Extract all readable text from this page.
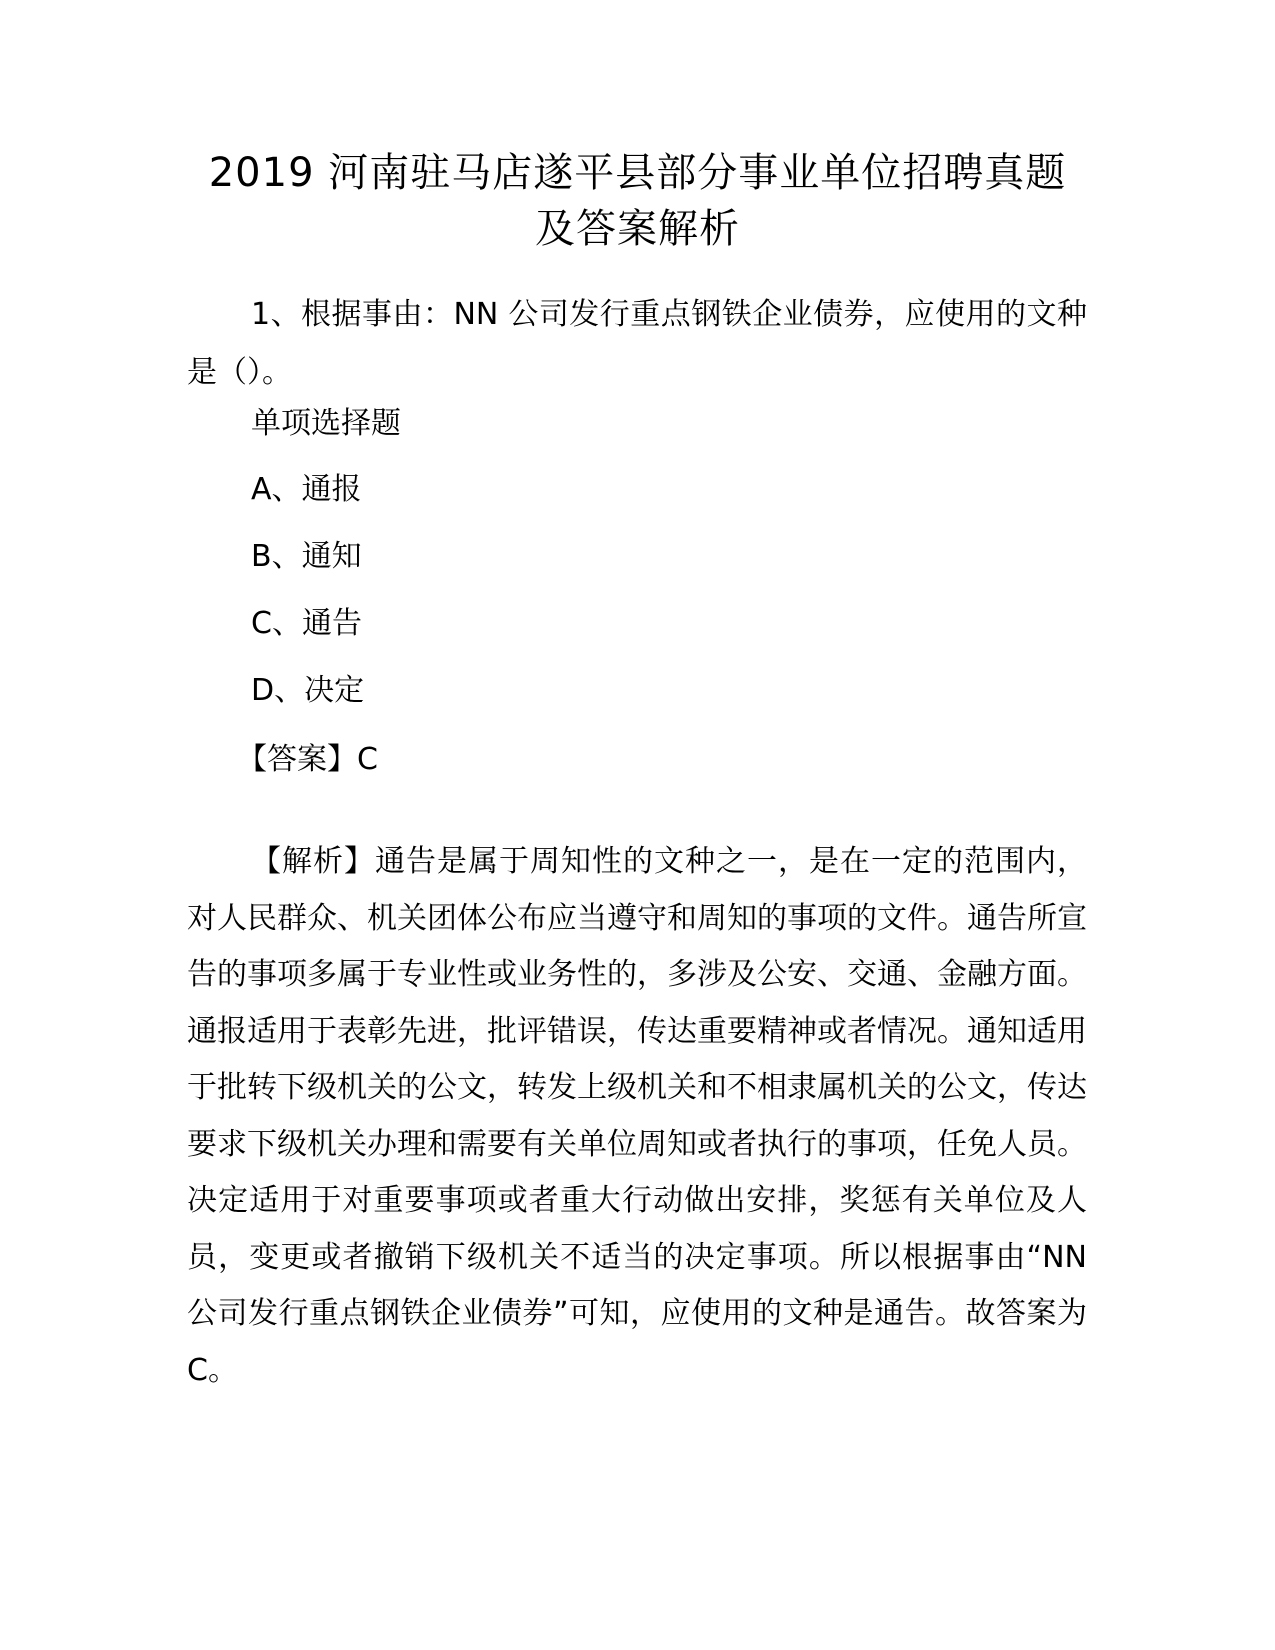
2019 河南驻马店遂平县部分事业单位招聘真题
及答案解析

1、根据事由：NN 公司发行重点钢铁企业债券，应使用的文种是（）。

单项选择题
A、通报
B、通知
C、通告
D、决定
【答案】C

【解析】通告是属于周知性的文种之一，是在一定的范围内，对人民群众、机关团体公布应当遵守和周知的事项的文件。通告所宣告的事项多属于专业性或业务性的，多涉及公安、交通、金融方面。通报适用于表彰先进，批评错误，传达重要精神或者情况。通知适用于批转下级机关的公文，转发上级机关和不相隶属机关的公文，传达要求下级机关办理和需要有关单位周知或者执行的事项，任免人员。决定适用于对重要事项或者重大行动做出安排，奖惩有关单位及人员，变更或者撤销下级机关不适当的决定事项。所以根据事由“NN 公司发行重点钢铁企业债券”可知，应使用的文种是通告。故答案为 C。
